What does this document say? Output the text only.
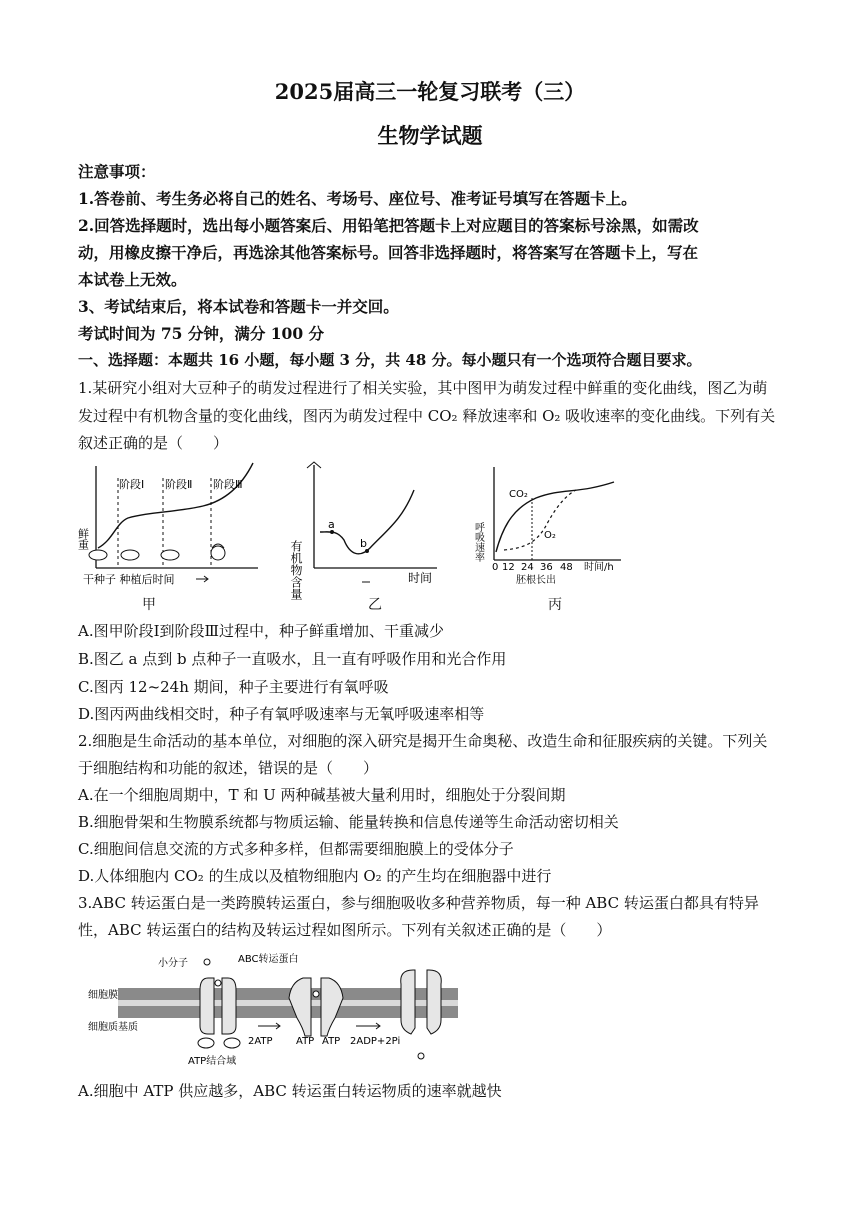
2025届高三一轮复习联考（三）
生物学试题
注意事项：
1.答卷前、考生务必将自己的姓名、考场号、座位号、准考证号填写在答题卡上。
2.回答选择题时，选出每小题答案后、用铅笔把答题卡上对应题目的答案标号涂黑，如需改
动，用橡皮擦干净后，再选涂其他答案标号。回答非选择题时，将答案写在答题卡上，写在
本试卷上无效。
3、考试结束后，将本试卷和答题卡一并交回。
考试时间为 75 分钟，满分 100 分
一、选择题：本题共 16 小题，每小题 3 分，共 48 分。每小题只有一个选项符合题目要求。
1.某研究小组对大豆种子的萌发过程进行了相关实验，其中图甲为萌发过程中鲜重的变化曲线，图乙为萌
发过程中有机物含量的变化曲线，图丙为萌发过程中 CO₂ 释放速率和 O₂ 吸收速率的变化曲线。下列有关
叙述正确的是（　　）
鲜重
阶段Ⅰ 阶段Ⅱ 阶段Ⅲ
干种子 种植后时间
甲
有机物含量
a
b
时间
乙
呼吸速率
CO₂
O₂
0 12 24 36 48 时间/h
胚根长出
丙
A.图甲阶段Ⅰ到阶段Ⅲ过程中，种子鲜重增加、干重减少
B.图乙 a 点到 b 点种子一直吸水，且一直有呼吸作用和光合作用
C.图丙 12~24h 期间，种子主要进行有氧呼吸
D.图丙两曲线相交时，种子有氧呼吸速率与无氧呼吸速率相等
2.细胞是生命活动的基本单位，对细胞的深入研究是揭开生命奥秘、改造生命和征服疾病的关键。下列关
于细胞结构和功能的叙述，错误的是（　　）
A.在一个细胞周期中，T 和 U 两种碱基被大量利用时，细胞处于分裂间期
B.细胞骨架和生物膜系统都与物质运输、能量转换和信息传递等生命活动密切相关
C.细胞间信息交流的方式多种多样，但都需要细胞膜上的受体分子
D.人体细胞内 CO₂ 的生成以及植物细胞内 O₂ 的产生均在细胞器中进行
3.ABC 转运蛋白是一类跨膜转运蛋白，参与细胞吸收多种营养物质，每一种 ABC 转运蛋白都具有特异
性，ABC 转运蛋白的结构及转运过程如图所示。下列有关叙述正确的是（　　）
小分子	ABC转运蛋白
细胞膜
细胞质基质
ATP结合域
2ATP ATP ATP 2ADP+2Pi
A.细胞中 ATP 供应越多，ABC 转运蛋白转运物质的速率就越快
